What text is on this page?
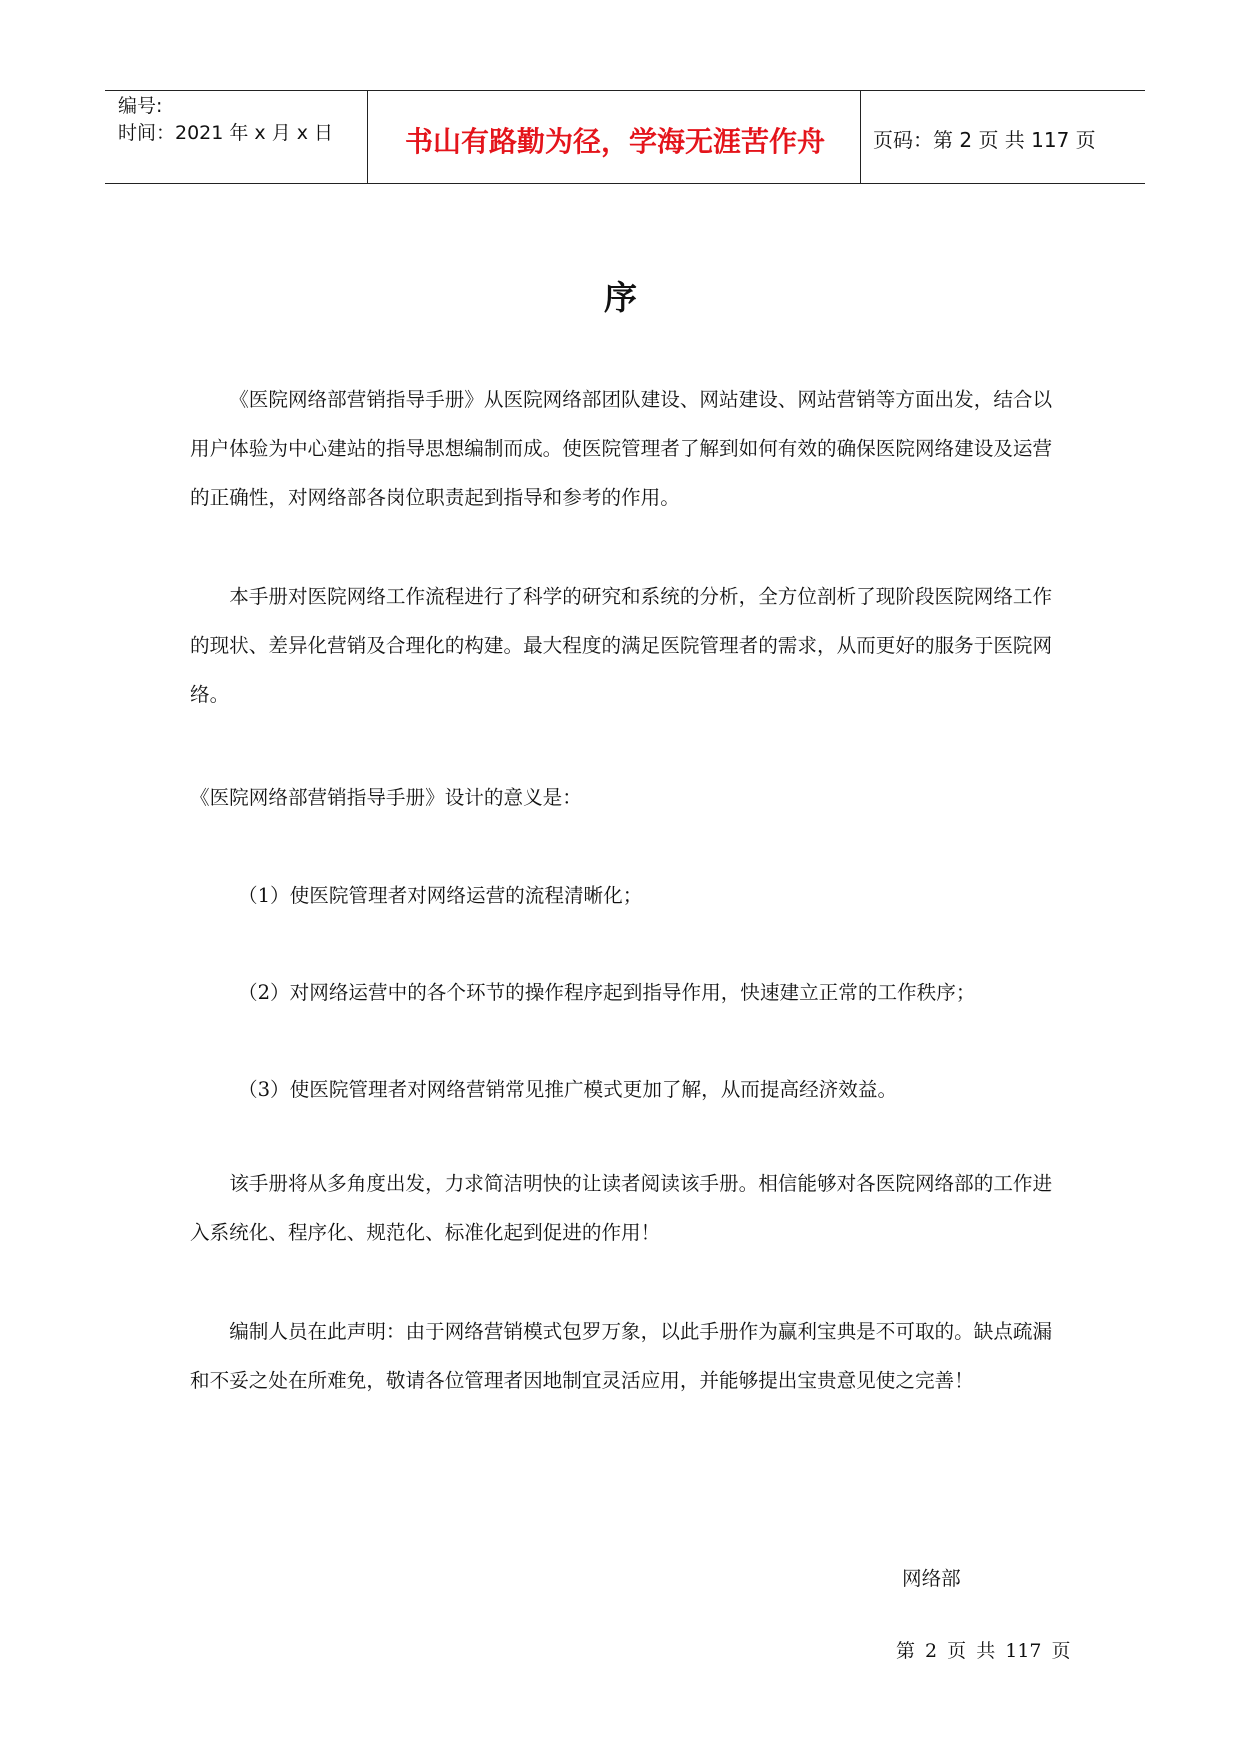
编号:
时间：2021 年 x 月 x 日	书山有路勤为径，学海无涯苦作舟	页码：第 2 页 共 117 页
序

《医院网络部营销指导手册》从医院网络部团队建设、网站建设、网站营销等方面出发，结合以用户体验为中心建站的指导思想编制而成。使医院管理者了解到如何有效的确保医院网络建设及运营的正确性，对网络部各岗位职责起到指导和参考的作用。

本手册对医院网络工作流程进行了科学的研究和系统的分析，全方位剖析了现阶段医院网络工作的现状、差异化营销及合理化的构建。最大程度的满足医院管理者的需求，从而更好的服务于医院网络。

《医院网络部营销指导手册》设计的意义是：
（1）使医院管理者对网络运营的流程清晰化；
（2）对网络运营中的各个环节的操作程序起到指导作用，快速建立正常的工作秩序；
（3）使医院管理者对网络营销常见推广模式更加了解，从而提高经济效益。

该手册将从多角度出发，力求简洁明快的让读者阅读该手册。相信能够对各医院网络部的工作进入系统化、程序化、规范化、标准化起到促进的作用！

编制人员在此声明：由于网络营销模式包罗万象，以此手册作为赢利宝典是不可取的。缺点疏漏和不妥之处在所难免，敬请各位管理者因地制宜灵活应用，并能够提出宝贵意见使之完善！

网络部
第 2 页 共 117 页
